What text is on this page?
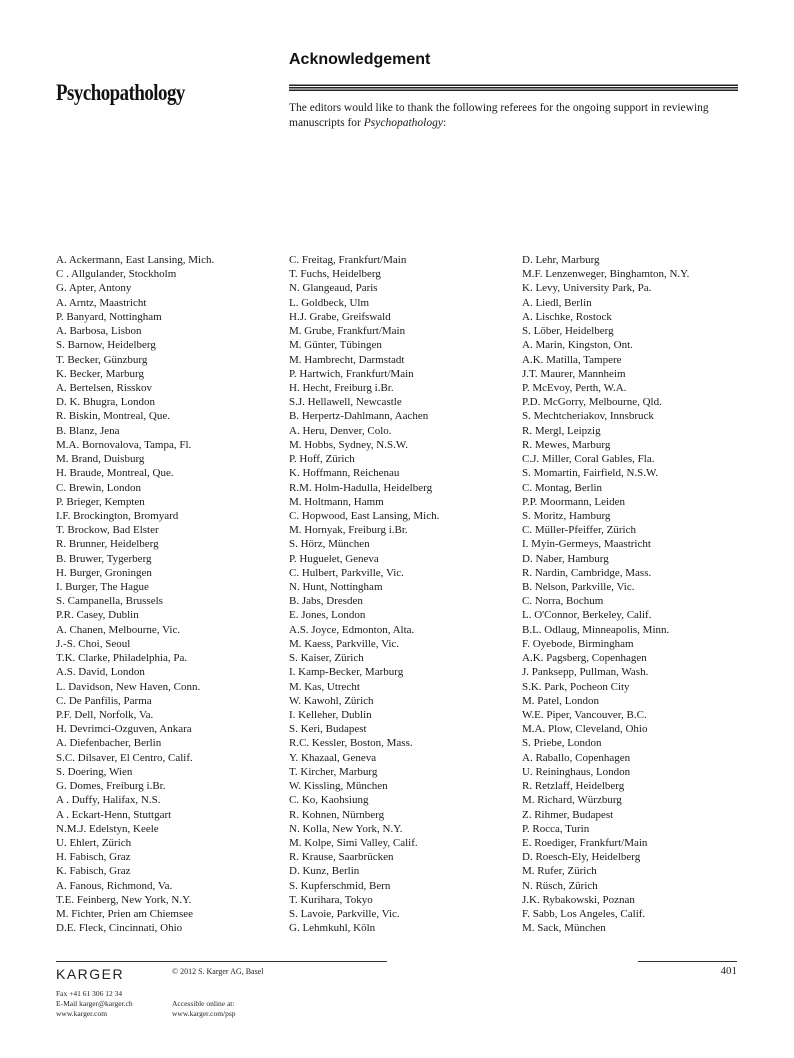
Psychopathology
Acknowledgement

The editors would like to thank the following referees for the ongoing support in reviewing manuscripts for Psychopathology:

A. Ackermann, East Lansing, Mich.
C . Allgulander, Stockholm
G. Apter, Antony
A. Arntz, Maastricht
P. Banyard, Nottingham
A. Barbosa, Lisbon
S. Barnow, Heidelberg
T. Becker, Günzburg
K. Becker, Marburg
A. Bertelsen, Risskov
D. K. Bhugra, London
R. Biskin, Montreal, Que.
B. Blanz, Jena
M.A. Bornovalova, Tampa, Fl.
M. Brand, Duisburg
H. Braude, Montreal, Que.
C. Brewin, London
P. Brieger, Kempten
I.F. Brockington, Bromyard
T. Brockow, Bad Elster
R. Brunner, Heidelberg
B. Bruwer, Tygerberg
H. Burger, Groningen
I. Burger, The Hague
S. Campanella, Brussels
P.R. Casey, Dublin
A. Chanen, Melbourne, Vic.
J.-S. Choi, Seoul
T.K. Clarke, Philadelphia, Pa.
A.S. David, London
L. Davidson, New Haven, Conn.
C. De Panfilis, Parma
P.F. Dell, Norfolk, Va.
H. Devrimci-Ozguven, Ankara
A. Diefenbacher, Berlin
S.C. Dilsaver, El Centro, Calif.
S. Doering, Wien
G. Domes, Freiburg i.Br.
A . Duffy, Halifax, N.S.
A . Eckart-Henn, Stuttgart
N.M.J. Edelstyn, Keele
U. Ehlert, Zürich
H. Fabisch, Graz
K. Fabisch, Graz
A. Fanous, Richmond, Va.
T.E. Feinberg, New York, N.Y.
M. Fichter, Prien am Chiemsee
D.E. Fleck, Cincinnati, Ohio
C. Freitag, Frankfurt/Main
T. Fuchs, Heidelberg
N. Glangeaud, Paris
L. Goldbeck, Ulm
H.J. Grabe, Greifswald
M. Grube, Frankfurt/Main
M. Günter, Tübingen
M. Hambrecht, Darmstadt
P. Hartwich, Frankfurt/Main
H. Hecht, Freiburg i.Br.
S.J. Hellawell, Newcastle
B. Herpertz-Dahlmann, Aachen
A. Heru, Denver, Colo.
M. Hobbs, Sydney, N.S.W.
P. Hoff, Zürich
K. Hoffmann, Reichenau
R.M. Holm-Hadulla, Heidelberg
M. Holtmann, Hamm
C. Hopwood, East Lansing, Mich.
M. Hornyak, Freiburg i.Br.
S. Hörz, München
P. Huguelet, Geneva
C. Hulbert, Parkville, Vic.
N. Hunt, Nottingham
B. Jabs, Dresden
E. Jones, London
A.S. Joyce, Edmonton, Alta.
M. Kaess, Parkville, Vic.
S. Kaiser, Zürich
I. Kamp-Becker, Marburg
M. Kas, Utrecht
W. Kawohl, Zürich
I. Kelleher, Dublin
S. Keri, Budapest
R.C. Kessler, Boston, Mass.
Y. Khazaal, Geneva
T. Kircher, Marburg
W. Kissling, München
C. Ko, Kaohsiung
R. Kohnen, Nürnberg
N. Kolla, New York, N.Y.
M. Kolpe, Simi Valley, Calif.
R. Krause, Saarbrücken
D. Kunz, Berlin
S. Kupferschmid, Bern
T. Kurihara, Tokyo
S. Lavoie, Parkville, Vic.
G. Lehmkuhl, Köln
D. Lehr, Marburg
M.F. Lenzenweger, Binghamton, N.Y.
K. Levy, University Park, Pa.
A. Liedl, Berlin
A. Lischke, Rostock
S. Löber, Heidelberg
A. Marin, Kingston, Ont.
A.K. Matilla, Tampere
J.T. Maurer, Mannheim
P. McEvoy, Perth, W.A.
P.D. McGorry, Melbourne, Qld.
S. Mechtcheriakov, Innsbruck
R. Mergl, Leipzig
R. Mewes, Marburg
C.J. Miller, Coral Gables, Fla.
S. Momartin, Fairfield, N.S.W.
C. Montag, Berlin
P.P. Moormann, Leiden
S. Moritz, Hamburg
C. Müller-Pfeiffer, Zürich
I. Myin-Germeys, Maastricht
D. Naber, Hamburg
R. Nardin, Cambridge, Mass.
B. Nelson, Parkville, Vic.
C. Norra, Bochum
L. O'Connor, Berkeley, Calif.
B.L. Odlaug, Minneapolis, Minn.
F. Oyebode, Birmingham
A.K. Pagsberg, Copenhagen
J. Panksepp, Pullman, Wash.
S.K. Park, Pocheon City
M. Patel, London
W.E. Piper, Vancouver, B.C.
M.A. Plow, Cleveland, Ohio
S. Priebe, London
A. Raballo, Copenhagen
U. Reininghaus, London
R. Retzlaff, Heidelberg
M. Richard, Würzburg
Z. Rihmer, Budapest
P. Rocca, Turin
E. Roediger, Frankfurt/Main
D. Roesch-Ely, Heidelberg
M. Rufer, Zürich
N. Rüsch, Zürich
J.K. Rybakowski, Poznan
F. Sabb, Los Angeles, Calif.
M. Sack, München
KARGER	© 2012 S. Karger AG, Basel	401
Fax +41 61 306 12 34
E-Mail karger@karger.ch
www.karger.com
Accessible online at:
www.karger.com/psp
